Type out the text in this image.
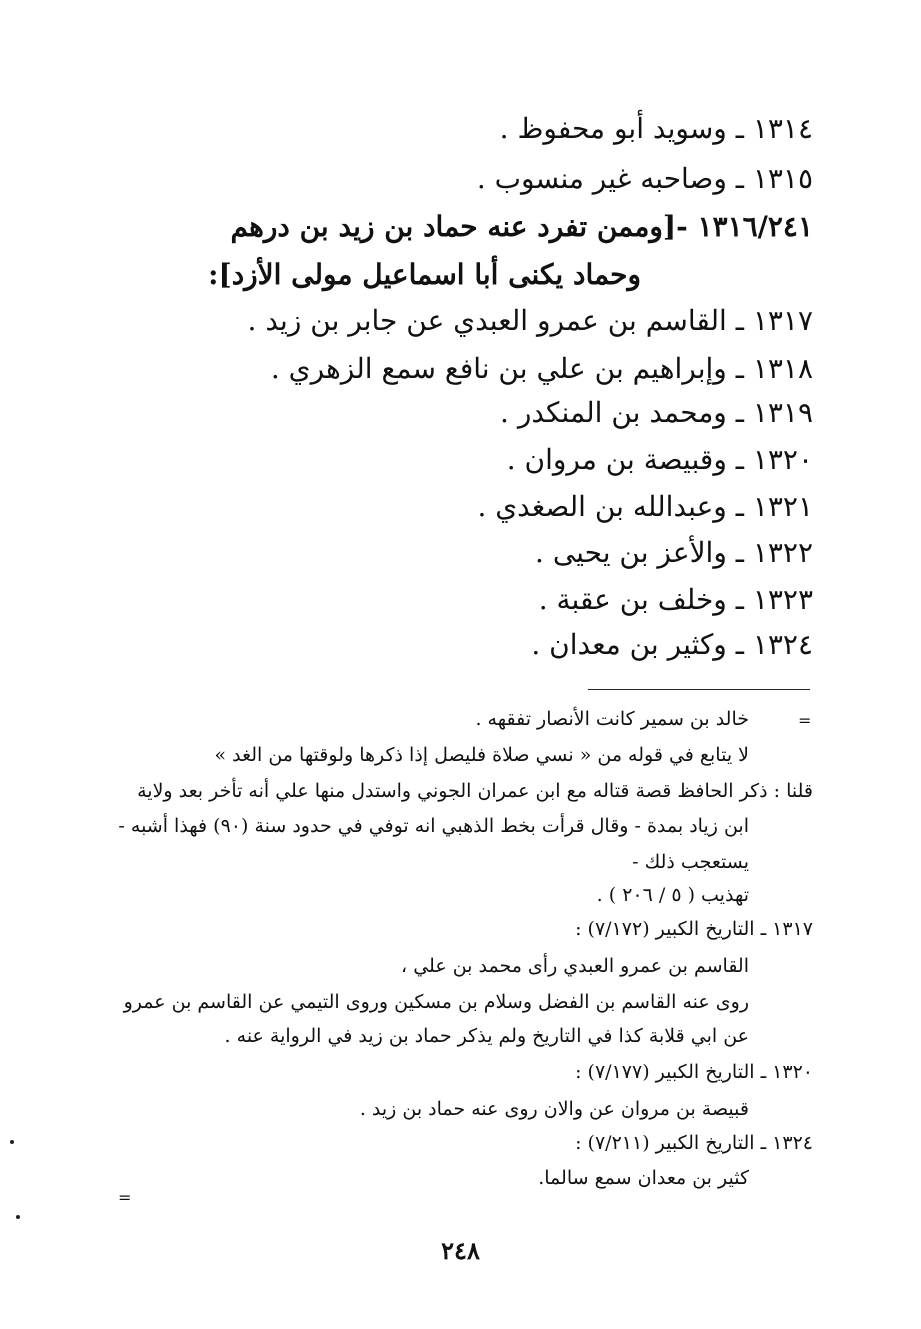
١٣١٤ ـ وسويد أبو محفوظ .
١٣١٥ ـ وصاحبه غير منسوب .
١٣١٦/٢٤١ -[وممن تفرد عنه حماد بن زيد بن درهم
وحماد يكنى أبا اسماعيل مولى الأزد]:
١٣١٧ ـ القاسم بن عمرو العبدي عن جابر بن زيد .
١٣١٨ ـ وإبراهيم بن علي بن نافع سمع الزهري .
١٣١٩ ـ ومحمد بن المنكدر .
١٣٢٠ ـ وقبيصة بن مروان .
١٣٢١ ـ وعبدالله بن الصغدي .
١٣٢٢ ـ والأعز بن يحيى .
١٣٢٣ ـ وخلف بن عقبة .
١٣٢٤ ـ وكثير بن معدان .
=
خالد بن سمير كانت الأنصار تفقهه .
لا يتابع في قوله من « نسي صلاة فليصل إذا ذكرها ولوقتها من الغد »
قلنا : ذكر الحافظ قصة قتاله مع ابن عمران الجوني واستدل منها علي أنه تأخر بعد ولاية
ابن زياد بمدة - وقال قرأت بخط الذهبي انه توفي في حدود سنة (٩٠) فهذا أشبه -
يستعجب ذلك -
تهذيب ( ٥ / ٢٠٦ ) .
١٣١٧ ـ التاريخ الكبير (٧/١٧٢) :
القاسم بن عمرو العبدي رأى محمد بن علي ،
روى عنه القاسم بن الفضل وسلام بن مسكين وروى التيمي عن القاسم بن عمرو
عن ابي قلابة كذا في التاريخ ولم يذكر حماد بن زيد في الرواية عنه .
١٣٢٠ ـ التاريخ الكبير (٧/١٧٧) :
قبيصة بن مروان عن والان روى عنه حماد بن زيد .
١٣٢٤ ـ التاريخ الكبير (٧/٢١١) :
كثير بن معدان سمع سالما.
=
٢٤٨
